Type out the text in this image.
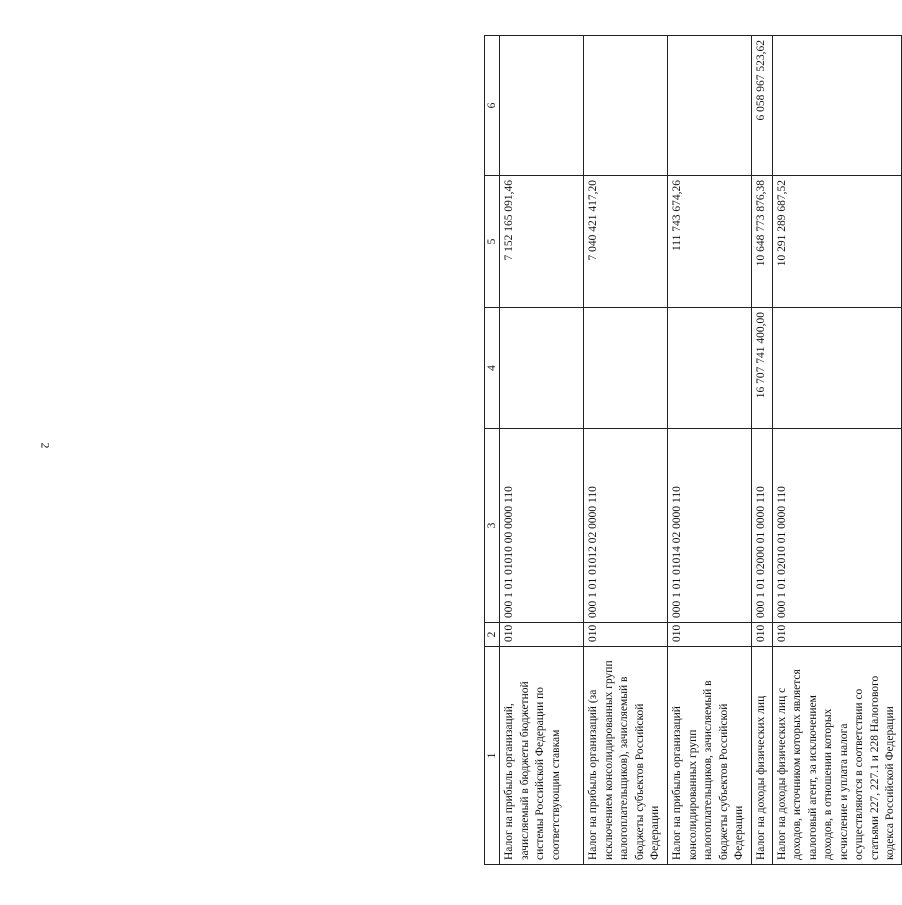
2
1	2	3	4	5	6
Налог на прибыль организаций, зачисляемый в бюджеты бюджетной системы Российской Федерации по соответствующим ставкам	010	000 1 01 01010 00 0000 110		7 152 165 091,46	
Налог на прибыль организаций (за исключением консолидированных групп налогоплательщиков), зачисляемый в бюджеты субъектов Российской Федерации	010	000 1 01 01012 02 0000 110		7 040 421 417,20	
Налог на прибыль организаций консолидированных групп налогоплательщиков, зачисляемый в бюджеты субъектов Российской Федерации	010	000 1 01 01014 02 0000 110		111 743 674,26	
Налог на доходы физических лиц	010	000 1 01 02000 01 0000 110	16 707 741 400,00	10 648 773 876,38	6 058 967 523,62
Налог на доходы физических лиц с доходов, источником которых является налоговый агент, за исключением доходов, в отношении которых исчисление и уплата налога осуществляются в соответствии со статьями 227, 227.1 и 228 Налогового кодекса Российской Федерации	010	000 1 01 02010 01 0000 110		10 291 289 687,52	
